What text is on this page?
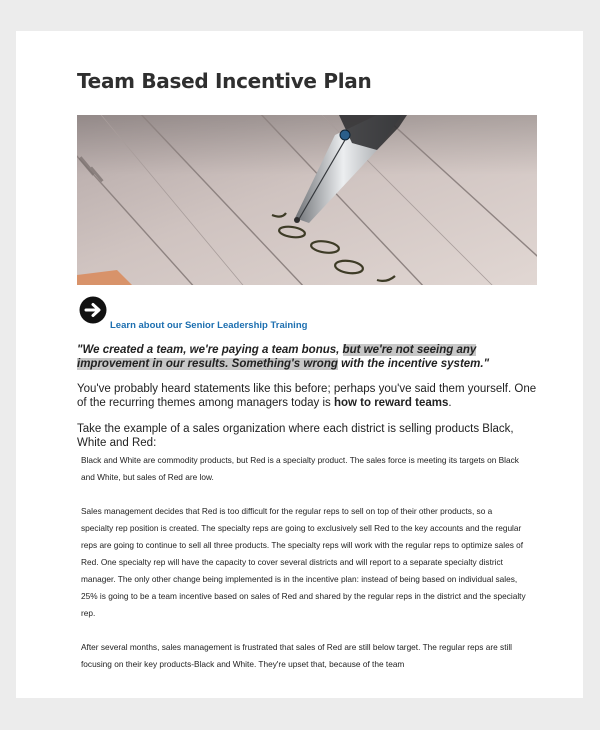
Team Based Incentive Plan
Learn about our Senior Leadership Training
"We created a team, we're paying a team bonus, but we're not seeing any improvement in our results. Something's wrong with the incentive system."
You've probably heard statements like this before; perhaps you've said them yourself. One of the recurring themes among managers today is how to reward teams.
Take the example of a sales organization where each district is selling products Black, White and Red:

Black and White are commodity products, but Red is a specialty product. The sales force is meeting its targets on Black and White, but sales of Red are low.

Sales management decides that Red is too difficult for the regular reps to sell on top of their other products, so a specialty rep position is created. The specialty reps are going to exclusively sell Red to the key accounts and the regular reps are going to continue to sell all three products. The specialty reps will work with the regular reps to optimize sales of Red. One specialty rep will have the capacity to cover several districts and will report to a separate specialty district manager. The only other change being implemented is in the incentive plan: instead of being based on individual sales, 25% is going to be a team incentive based on sales of Red and shared by the regular reps in the district and the specialty rep.

After several months, sales management is frustrated that sales of Red are still below target. The regular reps are still focusing on their key products-Black and White. They're upset that, because of the team
